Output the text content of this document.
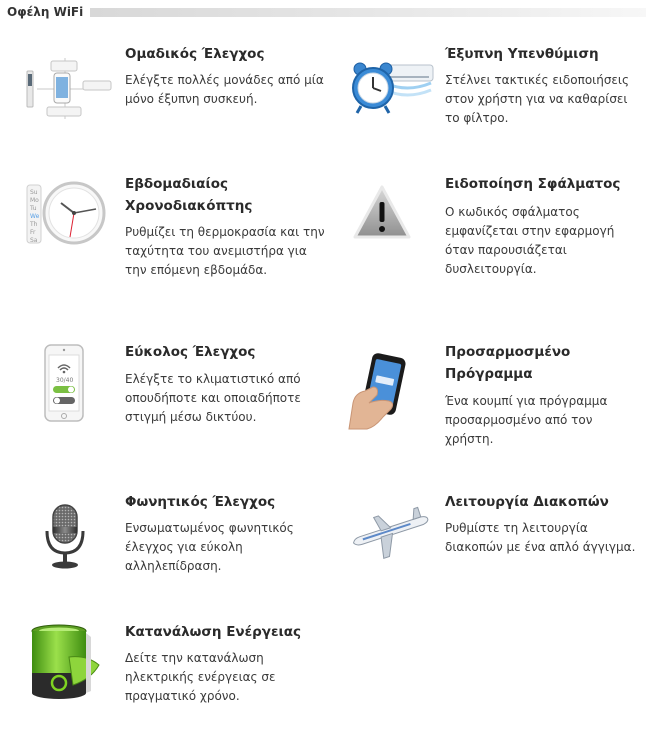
Οφέλη WiFi
Ομαδικός Έλεγχος
Ελέγξτε πολλές μονάδες από μία μόνο έξυπνη συσκευή.
Έξυπνη Υπενθύμιση
Στέλνει τακτικές ειδοποιήσεις στον χρήστη για να καθαρίσει το φίλτρο.
Su
Mo
Tu
We
Th
Fr
Sa
Εβδομαδιαίος Χρονοδιακόπτης
Ρυθμίζει τη θερμοκρασία και την ταχύτητα του ανεμιστήρα για την επόμενη εβδομάδα.
Ειδοποίηση Σφάλματος
Ο κωδικός σφάλματος εμφανίζεται στην εφαρμογή όταν παρουσιάζεται δυσλειτουργία.
30/40
Εύκολος Έλεγχος
Ελέγξτε το κλιματιστικό από οπουδήποτε και οποιαδήποτε στιγμή μέσω δικτύου.
Προσαρμοσμένο Πρόγραμμα
Ένα κουμπί για πρόγραμμα προσαρμοσμένο από τον χρήστη.
Φωνητικός Έλεγχος
Ενσωματωμένος φωνητικός έλεγχος για εύκολη αλληλεπίδραση.
Λειτουργία Διακοπών
Ρυθμίστε τη λειτουργία διακοπών με ένα απλό άγγιγμα.
Κατανάλωση Ενέργειας
Δείτε την κατανάλωση ηλεκτρικής ενέργειας σε πραγματικό χρόνο.
